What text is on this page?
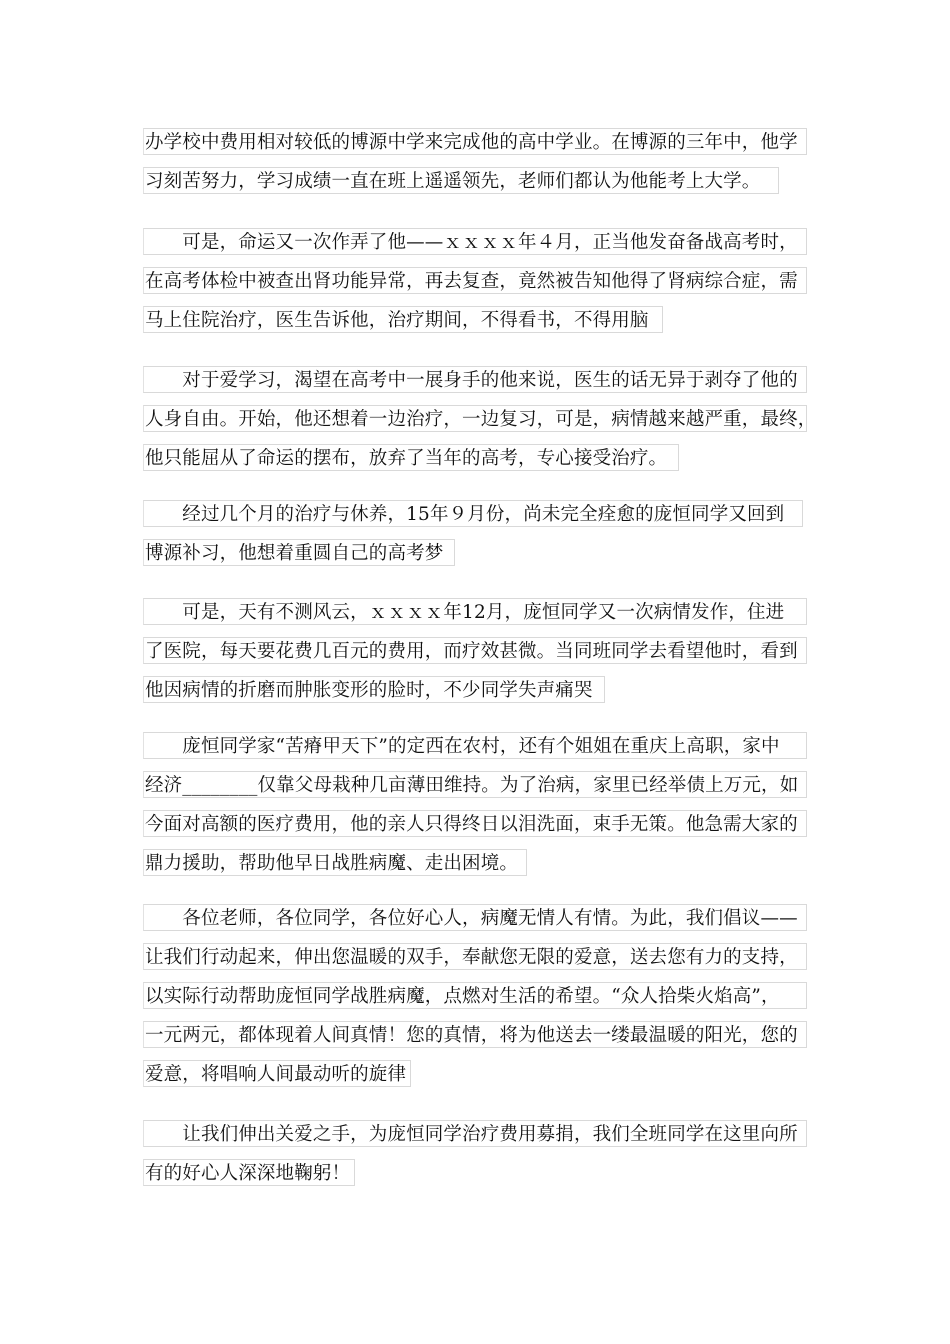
办学校中费用相对较低的博源中学来完成他的高中学业。在博源的三年中，他学
习刻苦努力，学习成绩一直在班上遥遥领先，老师们都认为他能考上大学。
　　可是，命运又一次作弄了他——ｘｘｘｘ年４月，正当他发奋备战高考时，
在高考体检中被查出肾功能异常，再去复查，竟然被告知他得了肾病综合症，需
马上住院治疗，医生告诉他，治疗期间，不得看书，不得用脑
　　对于爱学习，渴望在高考中一展身手的他来说，医生的话无异于剥夺了他的
人身自由。开始，他还想着一边治疗，一边复习，可是，病情越来越严重，最终，
他只能屈从了命运的摆布，放弃了当年的高考，专心接受治疗。
　　经过几个月的治疗与休养，15年９月份，尚未完全痊愈的庞恒同学又回到
博源补习，他想着重圆自己的高考梦
　　可是，天有不测风云，ｘｘｘｘ年12月，庞恒同学又一次病情发作，住进
了医院，每天要花费几百元的费用，而疗效甚微。当同班同学去看望他时，看到
他因病情的折磨而肿胀变形的脸时，不少同学失声痛哭
　　庞恒同学家“苦瘠甲天下”的定西在农村，还有个姐姐在重庆上高职，家中
经济________仅靠父母栽种几亩薄田维持。为了治病，家里已经举债上万元，如
今面对高额的医疗费用，他的亲人只得终日以泪洗面，束手无策。他急需大家的
鼎力援助，帮助他早日战胜病魔、走出困境。
　　各位老师，各位同学，各位好心人，病魔无情人有情。为此，我们倡议——
让我们行动起来，伸出您温暖的双手，奉献您无限的爱意，送去您有力的支持，
以实际行动帮助庞恒同学战胜病魔，点燃对生活的希望。“众人拾柴火焰高”，
一元两元，都体现着人间真情！您的真情，将为他送去一缕最温暖的阳光，您的
爱意，将唱响人间最动听的旋律
　　让我们伸出关爱之手，为庞恒同学治疗费用募捐，我们全班同学在这里向所
有的好心人深深地鞠躬！
